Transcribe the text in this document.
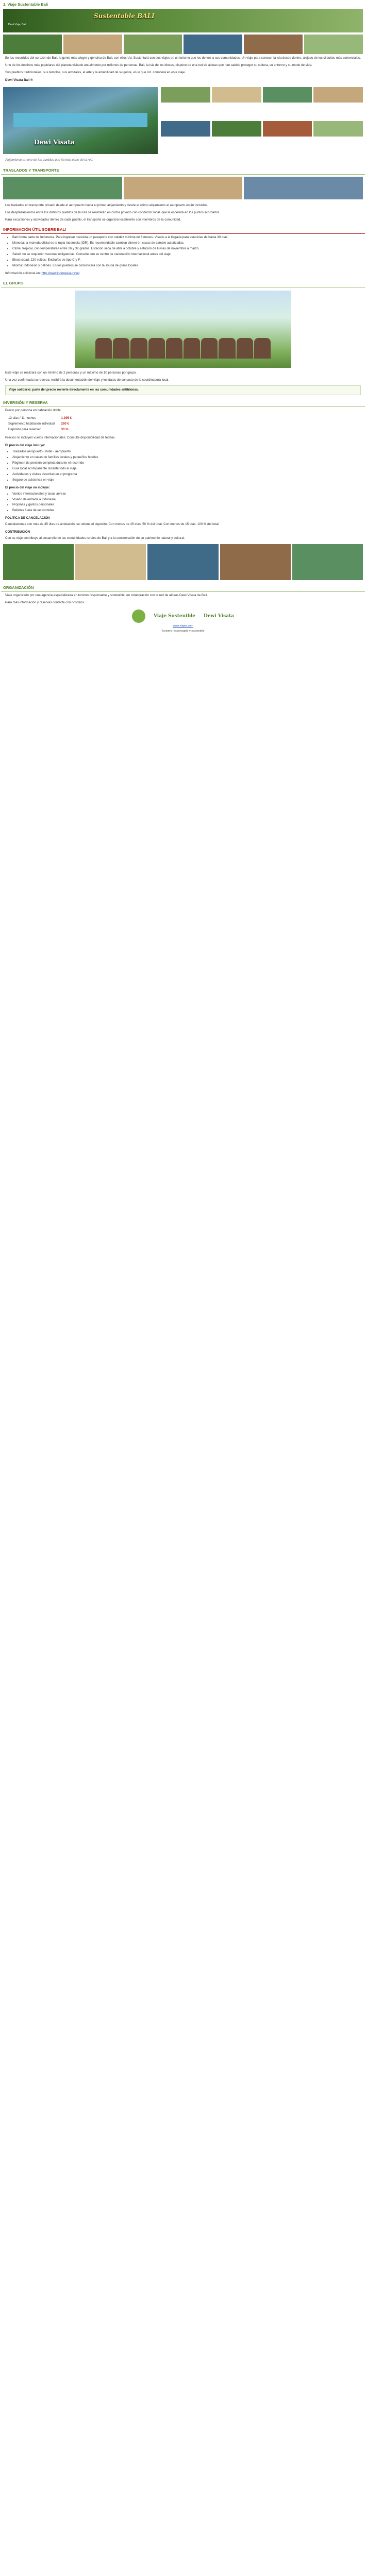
1. Viaje Sustentable Bali
Sustentable BALI
Dewi Viaje, Bali

En los recorridos del corazón de Bali, la gente más alegre y genuina de Bali, con ellos Ud. Sustentará con sus viajes en un turismo que les de voz a sus comunidades. Un viaje para conocer la isla desde dentro, alejado de los circuitos más comerciales.

Uno de los destinos más populares del planeta visitado anualmente por millones de personas. Bali, la isla de los dioses, dispone de una red de aldeas que han sabido proteger su cultura, su entorno y su modo de vida.

Sus pueblos tradicionales, sus templos, sus arrozales, el arte y la amabilidad de su gente, es lo que Ud. conocerá en este viaje.

Dewi Visata Bali ®
Dewi Visata

Alojamiento en uno de los pueblos que forman parte de la red.

TRASLADOS Y TRANSPORTE

Los traslados en transporte privado desde el aeropuerto hasta el primer alojamiento y desde el último alojamiento al aeropuerto están incluidos.

Los desplazamientos entre los distintos pueblos de la ruta se realizarán en coche privado con conductor local, que le esperará en los puntos acordados.

Para excursiones y actividades dentro de cada pueblo, el transporte se organiza localmente con miembros de la comunidad.

INFORMACIÓN ÚTIL SOBRE BALI
• Bali forma parte de Indonesia. Para ingresar necesita un pasaporte con validez mínima de 6 meses. Visado a la llegada para estancias de hasta 30 días.
• Moneda: la moneda oficial es la rupia indonesia (IDR). Es recomendable cambiar dinero en casas de cambio autorizadas.
• Clima: tropical, con temperaturas entre 26 y 32 grados. Estación seca de abril a octubre y estación de lluvias de noviembre a marzo.
• Salud: no se requieren vacunas obligatorias. Consulte con su centro de vacunación internacional antes del viaje.
• Electricidad: 220 voltios. Enchufes de tipo C y F.
• Idioma: indonesio y balinés. En los pueblos se comunicará con la ayuda de guías locales.

Información adicional en: http://www.indonesia.travel

EL GRUPO

Este viaje se realizará con un mínimo de 2 personas y un máximo de 10 personas por grupo.

Una vez confirmada su reserva, recibirá la documentación del viaje y los datos de contacto de la coordinadora local.

Viaje solidario: parte del precio revierte directamente en las comunidades anfitrionas.
INVERSIÓN Y RESERVA

Precio por persona en habitación doble:

12 días / 11 noches	1.395 €
Suplemento habitación individual	280 €
Depósito para reservar	30 %

Precios no incluyen vuelos internacionales. Consulte disponibilidad de fechas.

El precio del viaje incluye:
• Traslados aeropuerto - hotel - aeropuerto
• Alojamiento en casas de familias locales y pequeños hoteles
• Régimen de pensión completa durante el recorrido
• Guía local acompañante durante todo el viaje
• Actividades y visitas descritas en el programa
• Seguro de asistencia en viaje
El precio del viaje no incluye:
• Vuelos internacionales y tasas aéreas
• Visado de entrada a Indonesia
• Propinas y gastos personales
• Bebidas fuera de las comidas
POLÍTICA DE CANCELACIÓN

Cancelaciones con más de 45 días de antelación: se retiene el depósito. Con menos de 45 días: 50 % del total. Con menos de 15 días: 100 % del total.

CONTRIBUCIÓN

Con su viaje contribuye al desarrollo de las comunidades rurales de Bali y a la conservación de su patrimonio natural y cultural.

ORGANIZACIÓN

Viaje organizado por una agencia especializada en turismo responsable y sostenible, en colaboración con la red de aldeas Dewi Visata de Bali.

Para más información y reservas contacte con nosotros.

Viaje Sostenible Dewi Visata
www.viajes.com
Turismo responsable y sostenible
